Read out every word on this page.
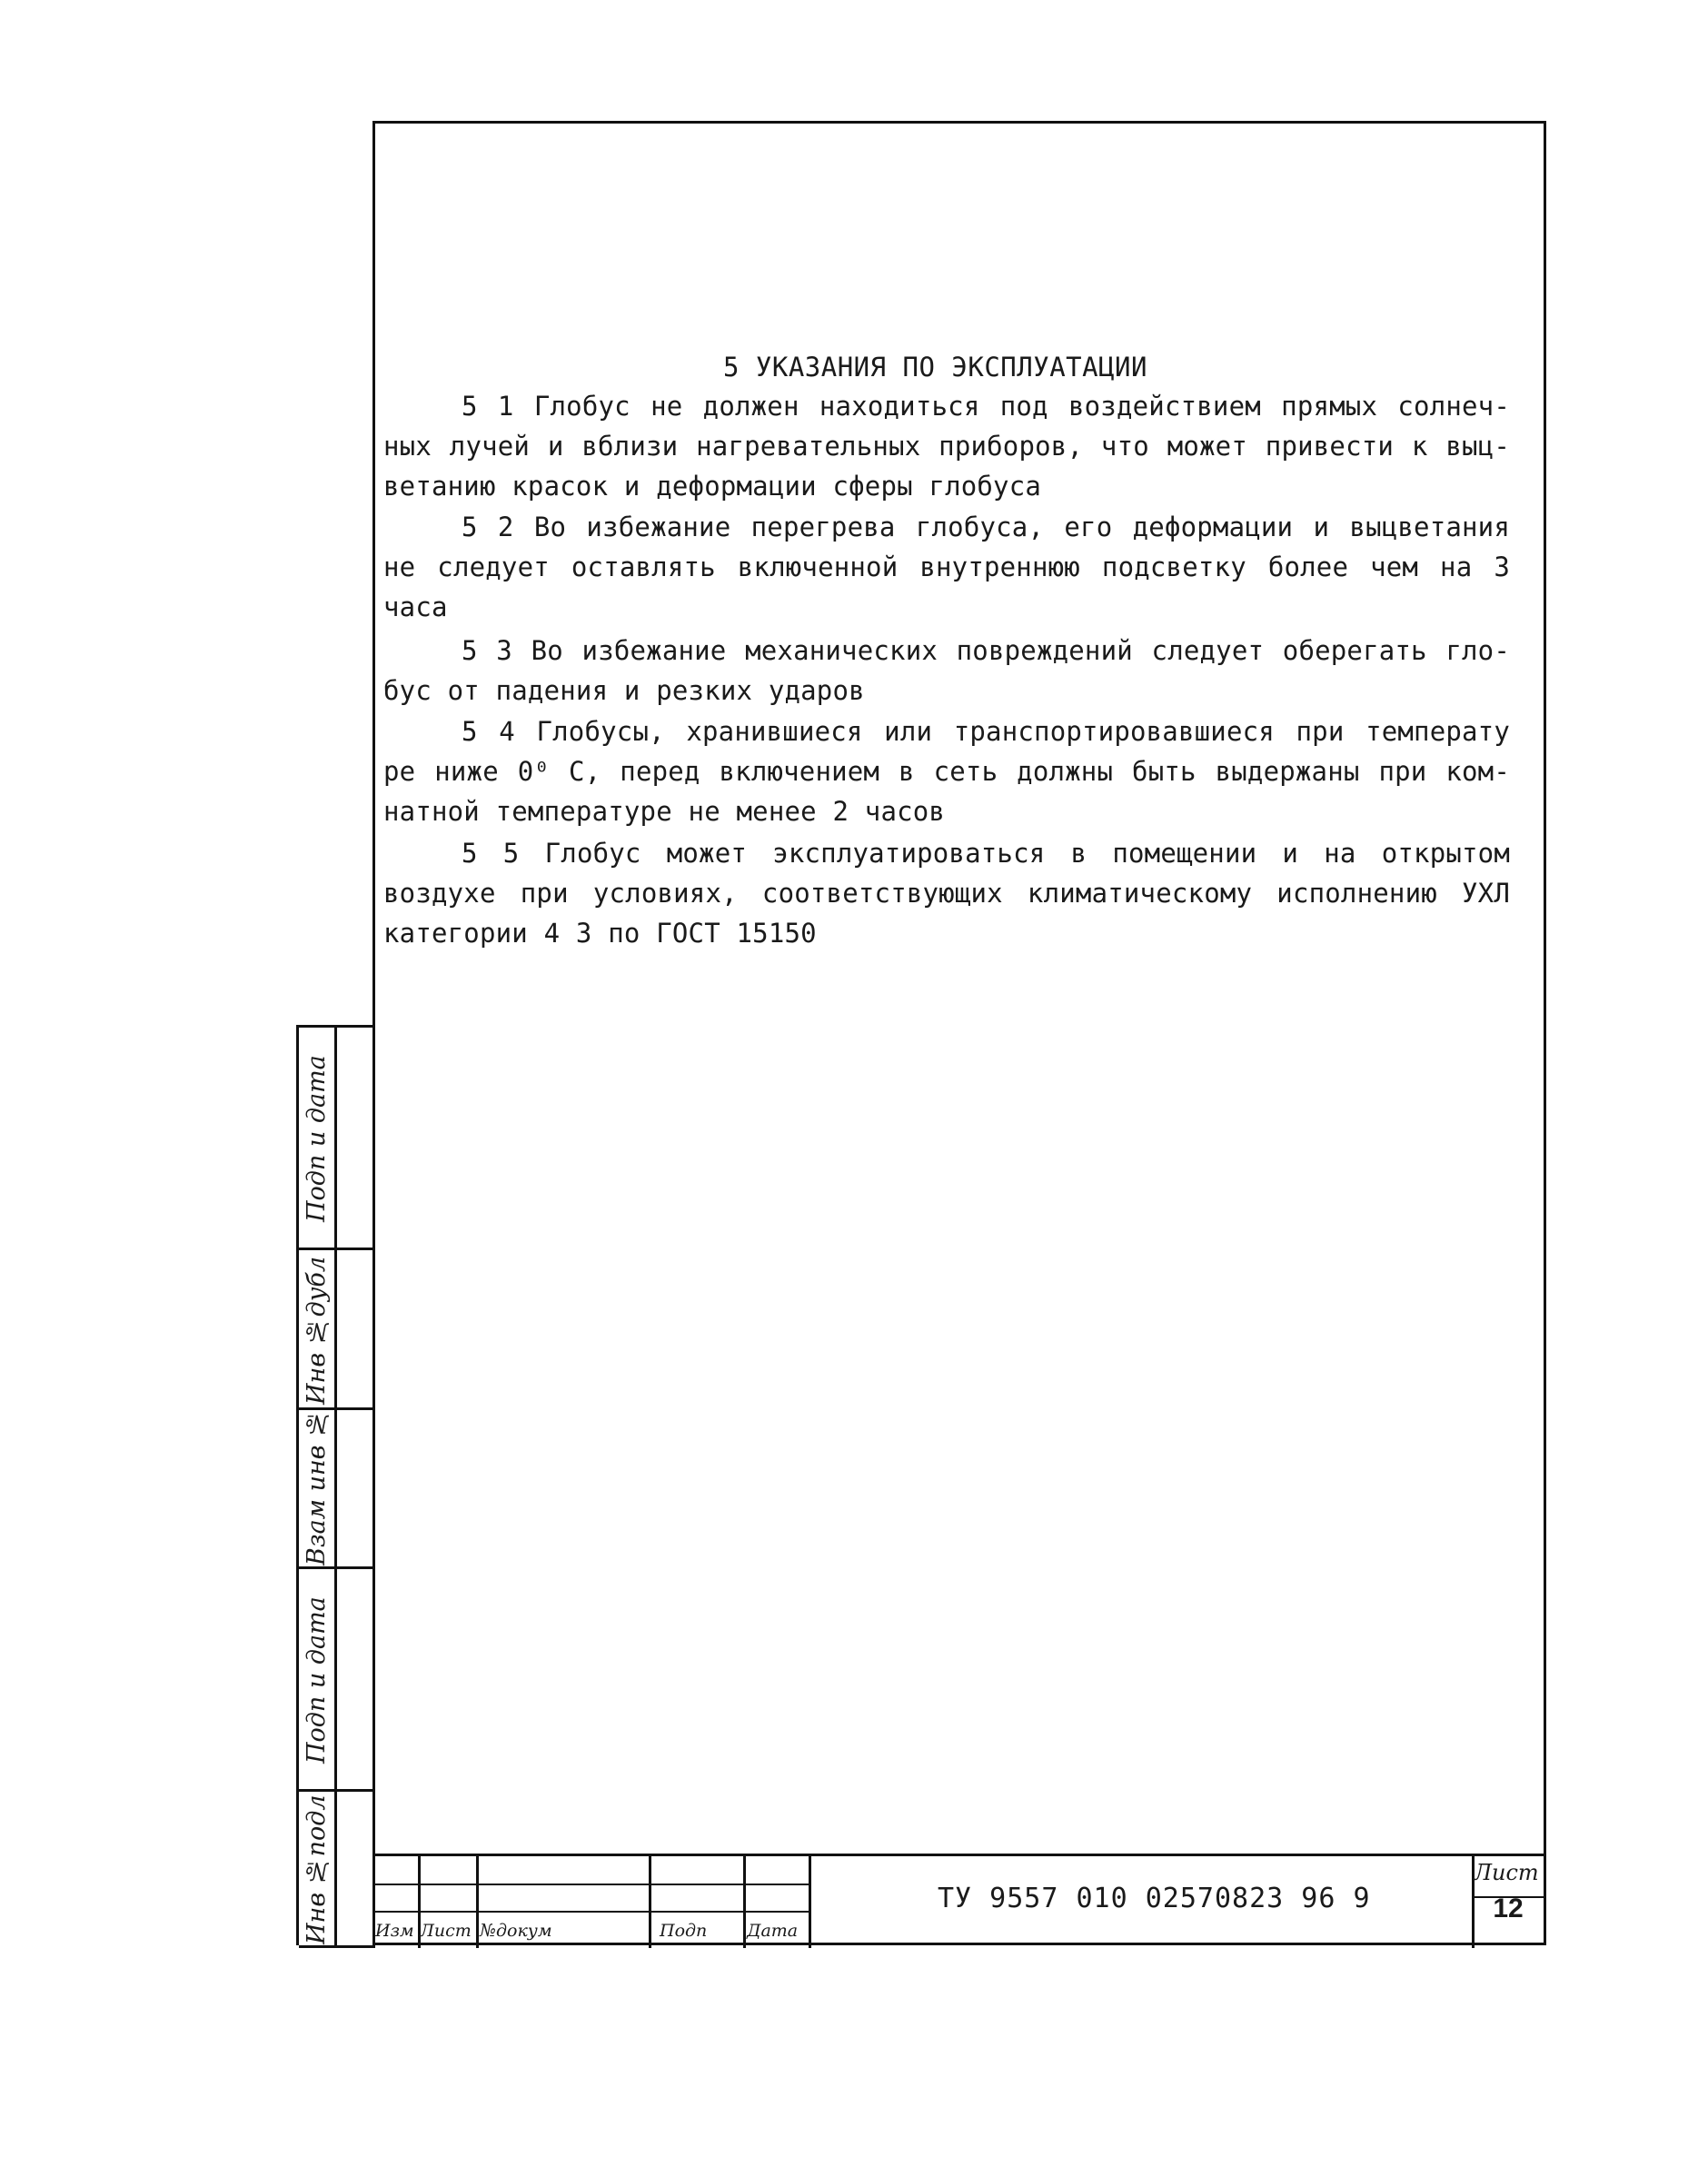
5 УКАЗАНИЯ ПО ЭКСПЛУАТАЦИИ
5 1 Глобус не должен находиться под воздействием прямых солнеч-
ных лучей и вблизи нагревательных приборов, что может привести к выц-
ветанию красок и деформации сферы глобуса
5 2 Во избежание перегрева глобуса, его деформации и выцветания
не следует оставлять включенной внутреннюю подсветку более чем на 3
часа
5 3 Во избежание механических повреждений следует оберегать гло-
бус от падения и резких ударов
5 4 Глобусы, хранившиеся или транспортировавшиеся при температу
ре ниже 0⁰ С, перед включением в сеть должны быть выдержаны при ком-
натной температуре не менее 2 часов
5 5 Глобус может эксплуатироваться в помещении и на открытом
воздухе при условиях, соответствующих климатическому исполнению УХЛ
категории 4 3 по ГОСТ 15150
Подп и дата
Инв №дубл
Взам инв №
Подп и дата
Инв №подл	Изм Лист №докум	Подп Дата
ТУ 9557 010 02570823 96 9
Лист
12
